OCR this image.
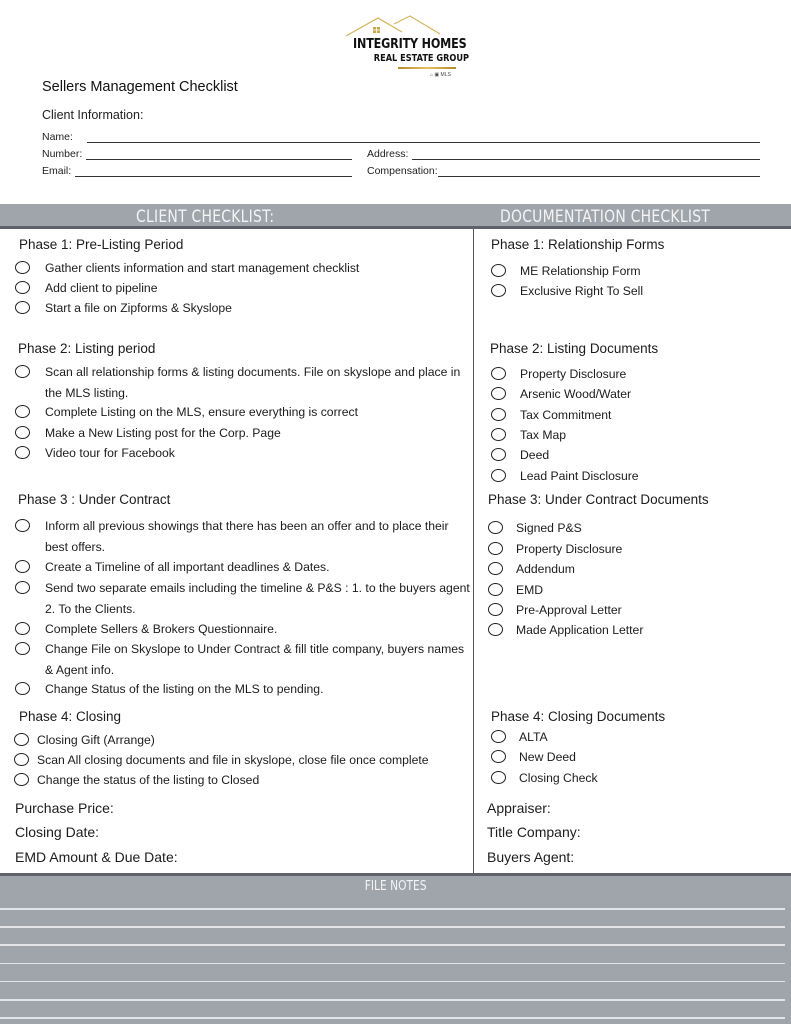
INTEGRITY HOMES
REAL ESTATE GROUP
⌂ ▣ MLS
Sellers Management Checklist
Client Information:
Name:
Number:	Address:
Email:	Compensation:
CLIENT CHECKLIST:	DOCUMENTATION CHECKLIST
Phase 1: Pre-Listing Period
Gather clients information and start management checklist
Add client to pipeline
Start a file on Zipforms & Skyslope
Phase 2: Listing period
Scan all relationship forms & listing documents. File on skyslope and place in the MLS listing.
Complete Listing on the MLS, ensure everything is correct
Make a New Listing post for the Corp. Page
Video tour for Facebook
Phase 3 : Under Contract
Inform all previous showings that there has been an offer and to place their best offers.
Create a Timeline of all important deadlines & Dates.
Send two separate emails including the timeline & P&S : 1. to the buyers agent 2. To the Clients.
Complete Sellers & Brokers Questionnaire.
Change File on Skyslope to Under Contract & fill title company, buyers names & Agent info.
Change Status of the listing on the MLS to pending.
Phase 4: Closing
Closing Gift (Arrange)
Scan All closing documents and file in skyslope, close file once complete
Change the status of the listing to Closed
Purchase Price:
Closing Date:
EMD Amount & Due Date:
Phase 1: Relationship Forms
ME Relationship Form
Exclusive Right To Sell
Phase 2: Listing Documents
Property Disclosure
Arsenic Wood/Water
Tax Commitment
Tax Map
Deed
Lead Paint Disclosure
Phase 3: Under Contract Documents
Signed P&S
Property Disclosure
Addendum
EMD
Pre-Approval Letter
Made Application Letter
Phase 4: Closing Documents
ALTA
New Deed
Closing Check
Appraiser:
Title Company:
Buyers Agent:
FILE NOTES
